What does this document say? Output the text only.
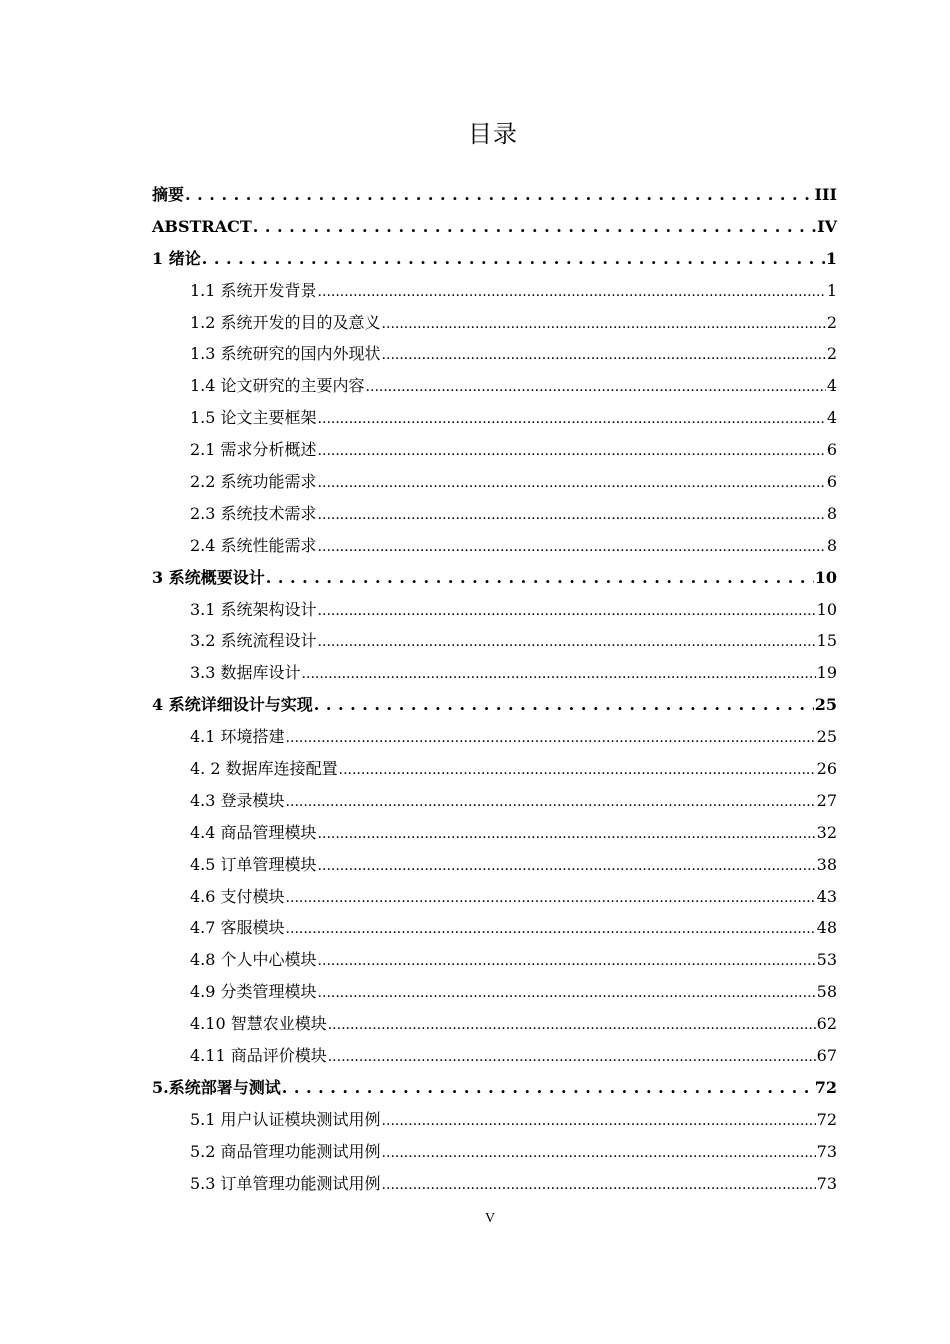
目录
摘要 . . .	III
ABSTRACT . . .	IV
1 绪论 . . .	1
1.1 系统开发背景 .....	1
1.2 系统开发的目的及意义 .....	2
1.3 系统研究的国内外现状 .....	2
1.4 论文研究的主要内容 .....	4
1.5 论文主要框架 .....	4
2.1 需求分析概述 .....	6
2.2 系统功能需求 .....	6
2.3 系统技术需求 .....	8
2.4 系统性能需求 .....	8
3 系统概要设计 . . .	10
3.1 系统架构设计 .....	10
3.2 系统流程设计 .....	15
3.3 数据库设计 .....	19
4 系统详细设计与实现 . . .	25
4.1 环境搭建 .....	25
4. 2 数据库连接配置 .....	26
4.3 登录模块 .....	27
4.4 商品管理模块 .....	32
4.5 订单管理模块 .....	38
4.6 支付模块 .....	43
4.7 客服模块 .....	48
4.8 个人中心模块 .....	53
4.9 分类管理模块 .....	58
4.10 智慧农业模块 .....	62
4.11 商品评价模块 .....	67
5.系统部署与测试 . . .	72
5.1 用户认证模块测试用例 .....	72
5.2 商品管理功能测试用例 .....	73
5.3 订单管理功能测试用例 .....	73
V
